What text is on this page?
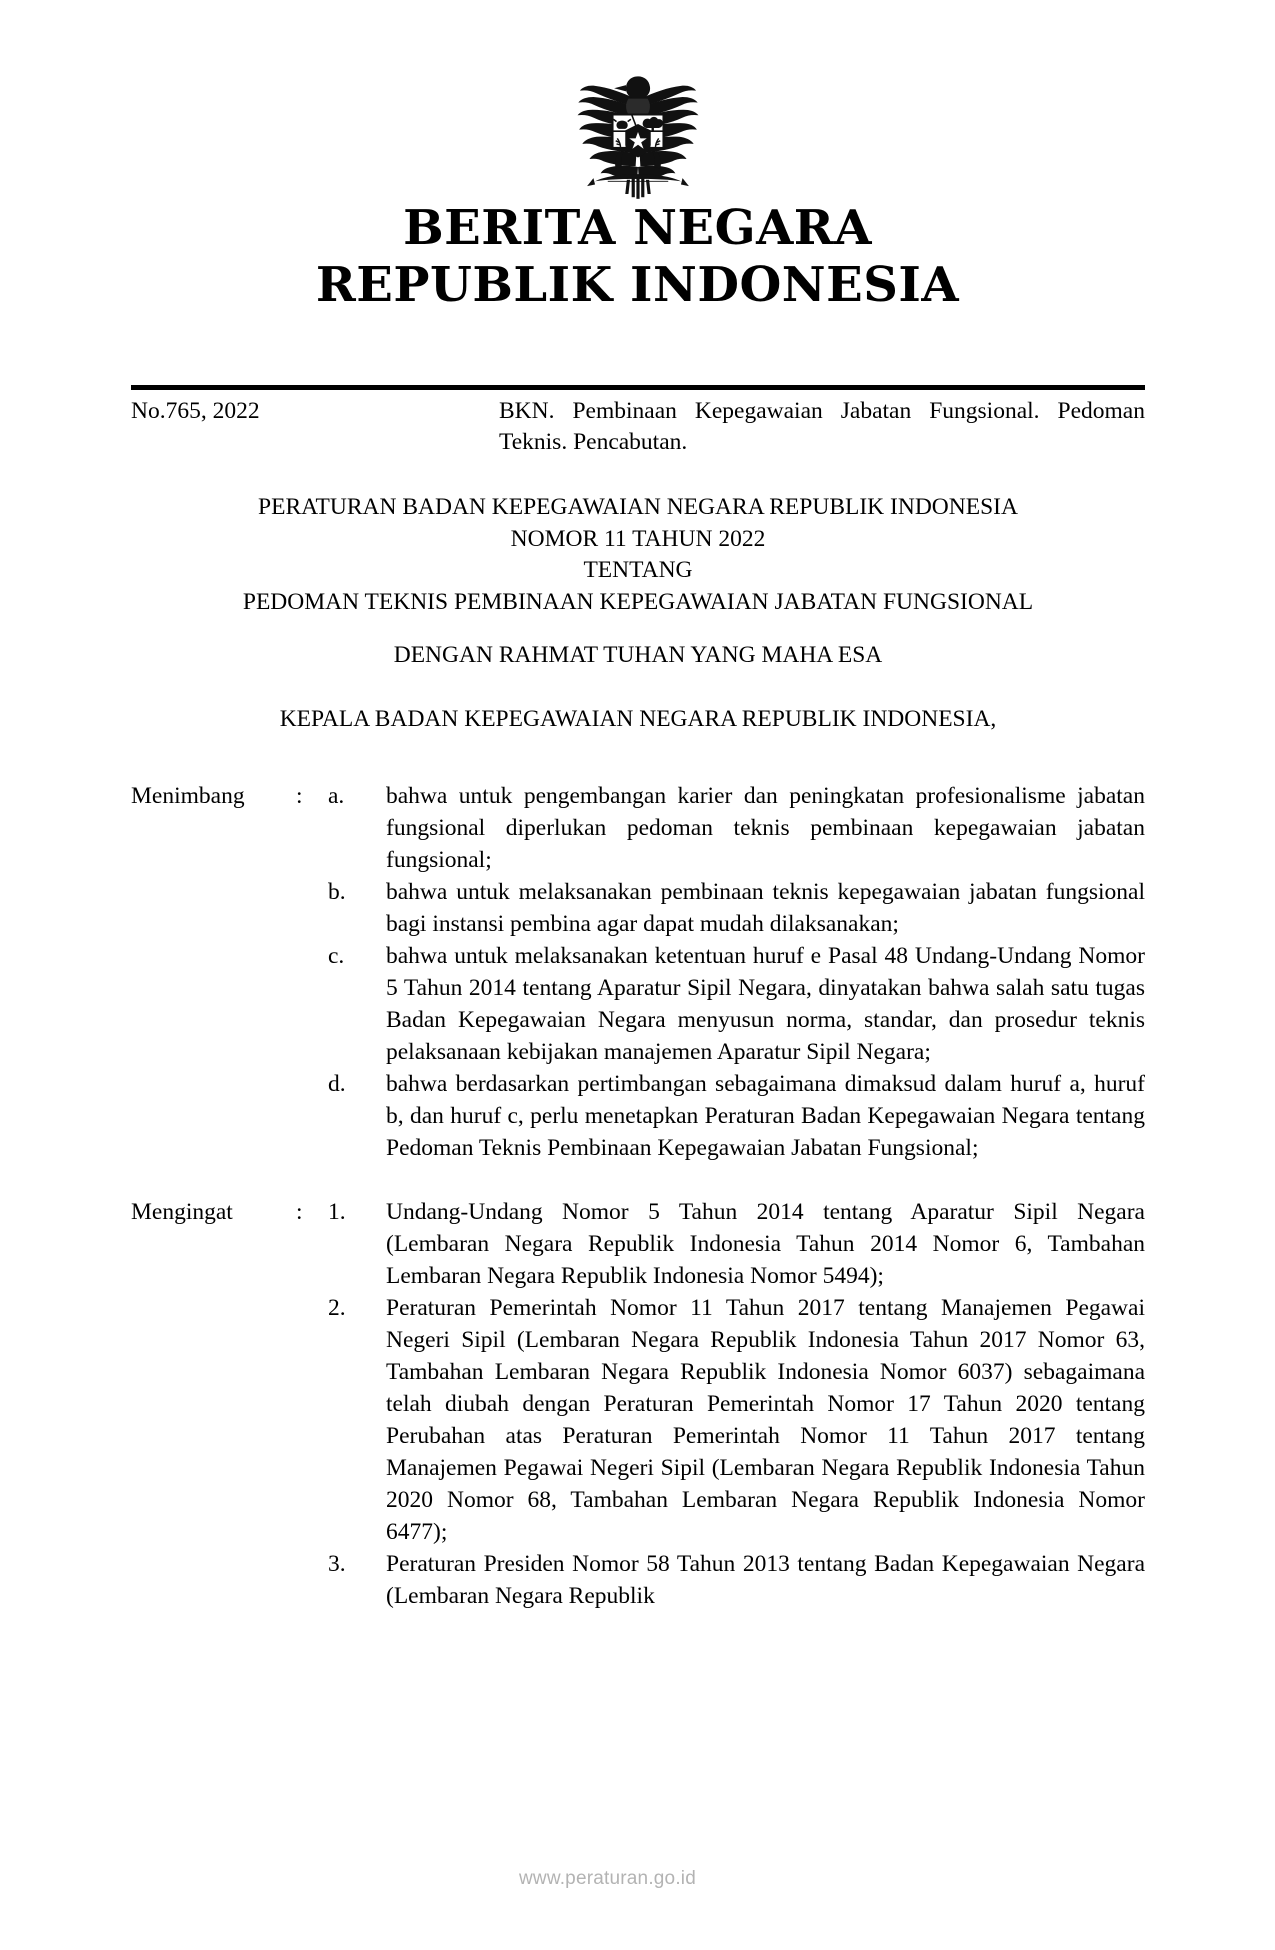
BERITA NEGARA
REPUBLIK INDONESIA
No.765, 2022	BKN. Pembinaan Kepegawaian Jabatan Fungsional. Pedoman Teknis. Pencabutan.
PERATURAN BADAN KEPEGAWAIAN NEGARA REPUBLIK INDONESIA
NOMOR 11 TAHUN 2022
TENTANG
PEDOMAN TEKNIS PEMBINAAN KEPEGAWAIAN JABATAN FUNGSIONAL
DENGAN RAHMAT TUHAN YANG MAHA ESA
KEPALA BADAN KEPEGAWAIAN NEGARA REPUBLIK INDONESIA,
Menimbang	:	a.	bahwa untuk pengembangan karier dan peningkatan profesionalisme jabatan fungsional diperlukan pedoman teknis pembinaan kepegawaian jabatan fungsional;
b.	bahwa untuk melaksanakan pembinaan teknis kepegawaian jabatan fungsional bagi instansi pembina agar dapat mudah dilaksanakan;
c.	bahwa untuk melaksanakan ketentuan huruf e Pasal 48 Undang-Undang Nomor 5 Tahun 2014 tentang Aparatur Sipil Negara, dinyatakan bahwa salah satu tugas Badan Kepegawaian Negara menyusun norma, standar, dan prosedur teknis pelaksanaan kebijakan manajemen Aparatur Sipil Negara;
d.	bahwa berdasarkan pertimbangan sebagaimana dimaksud dalam huruf a, huruf b, dan huruf c, perlu menetapkan Peraturan Badan Kepegawaian Negara tentang Pedoman Teknis Pembinaan Kepegawaian Jabatan Fungsional;
Mengingat	:	1.	Undang-Undang Nomor 5 Tahun 2014 tentang Aparatur Sipil Negara (Lembaran Negara Republik Indonesia Tahun 2014 Nomor 6, Tambahan Lembaran Negara Republik Indonesia Nomor 5494);
2.	Peraturan Pemerintah Nomor 11 Tahun 2017 tentang Manajemen Pegawai Negeri Sipil (Lembaran Negara Republik Indonesia Tahun 2017 Nomor 63, Tambahan Lembaran Negara Republik Indonesia Nomor 6037) sebagaimana telah diubah dengan Peraturan Pemerintah Nomor 17 Tahun 2020 tentang Perubahan atas Peraturan Pemerintah Nomor 11 Tahun 2017 tentang Manajemen Pegawai Negeri Sipil (Lembaran Negara Republik Indonesia Tahun 2020 Nomor 68, Tambahan Lembaran Negara Republik Indonesia Nomor 6477);
3.	Peraturan Presiden Nomor 58 Tahun 2013 tentang Badan Kepegawaian Negara (Lembaran Negara Republik
www.peraturan.go.id
